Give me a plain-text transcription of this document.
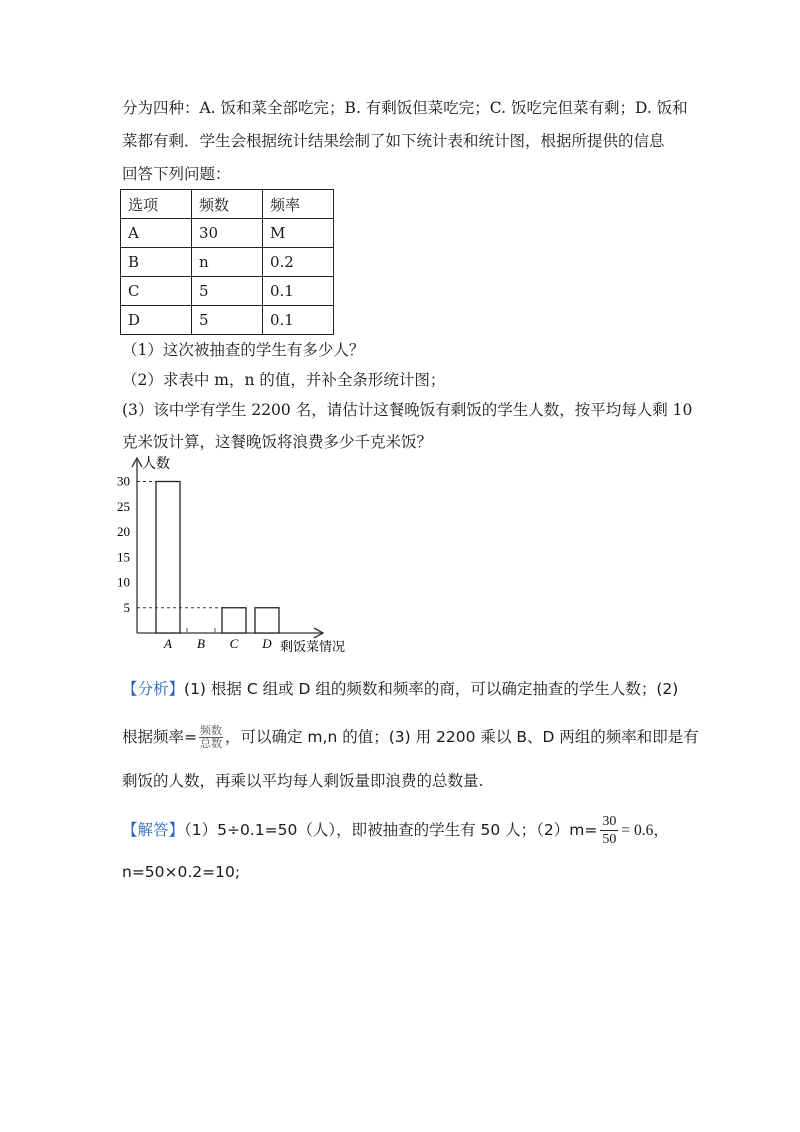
分为四种：A. 饭和菜全部吃完；B. 有剩饭但菜吃完；C. 饭吃完但菜有剩；D. 饭和
菜都有剩．学生会根据统计结果绘制了如下统计表和统计图，根据所提供的信息
回答下列问题：
选项	频数	频率
A	30	M
B	n	0.2
C	5	0.1
D	5	0.1
（1）这次被抽查的学生有多少人？
（2）求表中 m，n 的值，并补全条形统计图；
(3）该中学有学生 2200 名，请估计这餐晚饭有剩饭的学生人数，按平均每人剩 10
克米饭计算，这餐晚饭将浪费多少千克米饭？
人数
剩饭菜情况
5
10
15
20
25
30
A B C D
【分析】(1) 根据 C 组或 D 组的频数和频率的商，可以确定抽查的学生人数；(2)
根据频率= $\frac{\text{频数}}{\text{总数}}$ ，可以确定 m,n 的值；(3) 用 2200 乘以 B、D 两组的频率和即是有
剩饭的人数，再乘以平均每人剩饭量即浪费的总数量.
【解答】（1）5÷0.1=50（人），即被抽查的学生有 50 人；$(2)m= \frac{30}{50} = 0.6$，
n=50×0.2=10;
